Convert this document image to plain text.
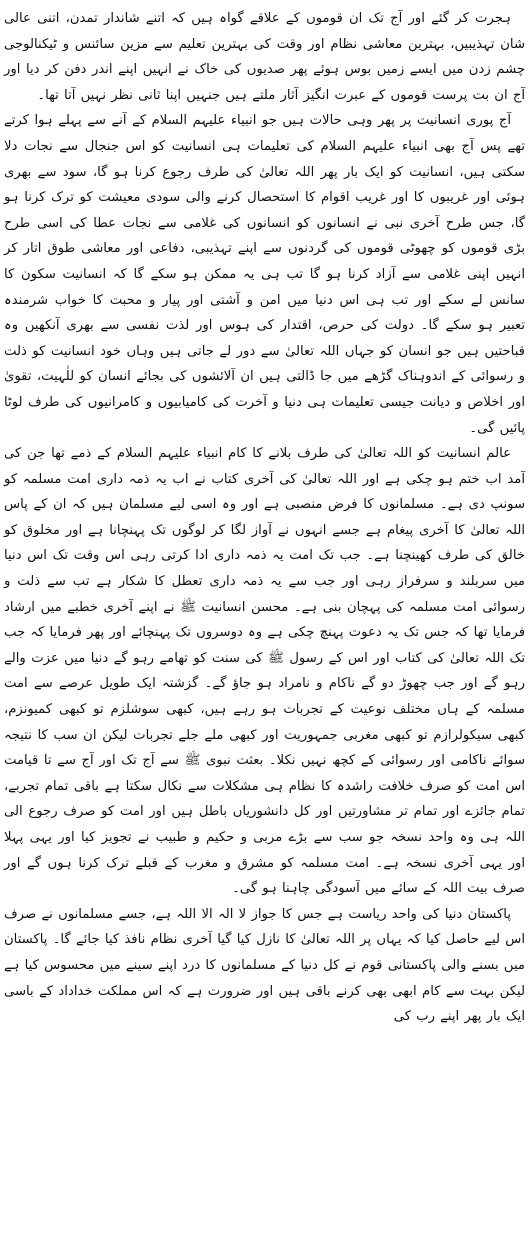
ہجرت کر گئے اور آج تک ان قوموں کے علاقے گواہ ہیں کہ اتنے شاندار تمدن، اتنی عالی شان تہذیبیں، بہترین معاشی نظام اور وقت کی بہترین تعلیم سے مزین سائنس و ٹیکنالوجی چشم زدن میں ایسے زمیں بوس ہوئے پھر صدیوں کی خاک نے انہیں اپنے اندر دفن کر دیا اور آج ان بت پرست قوموں کے عبرت انگیز آثار ملتے ہیں جنہیں اپنا ثانی نظر نہیں آتا تھا۔

آج پوری انسانیت پر پھر وہی حالات ہیں جو انبیاء علیہم السلام کے آنے سے پہلے ہوا کرتے تھے پس آج بھی انبیاء علیہم السلام کی تعلیمات ہی انسانیت کو اس جنجال سے نجات دلا سکتی ہیں، انسانیت کو ایک بار پھر اللہ تعالیٰ کی طرف رجوع کرنا ہو گا، سود سے بھری ہوئی اور غریبوں کا اور غریب اقوام کا استحصال کرنے والی سودی معیشت کو ترک کرنا ہو گا، جس طرح آخری نبی نے انسانوں کو انسانوں کی غلامی سے نجات عطا کی اسی طرح بڑی قوموں کو چھوٹی قوموں کی گردنوں سے اپنے تہذیبی، دفاعی اور معاشی طوق اتار کر انہیں اپنی غلامی سے آزاد کرنا ہو گا تب ہی یہ ممکن ہو سکے گا کہ انسانیت سکون کا سانس لے سکے اور تب ہی اس دنیا میں امن و آشتی اور پیار و محبت کا خواب شرمندہ تعبیر ہو سکے گا۔ دولت کی حرص، اقتدار کی ہوس اور لذت نفسی سے بھری آنکھیں وہ قباحتیں ہیں جو انسان کو جہاں اللہ تعالیٰ سے دور لے جاتی ہیں وہاں خود انسانیت کو ذلت و رسوائی کے اندوہناک گڑھے میں جا ڈالتی ہیں ان آلائشوں کی بجائے انسان کو للٰہیت، تقویٰ اور اخلاص و دیانت جیسی تعلیمات ہی دنیا و آخرت کی کامیابیوں و کامرانیوں کی طرف لوٹا پائیں گی۔

عالم انسانیت کو اللہ تعالیٰ کی طرف بلانے کا کام انبیاء علیہم السلام کے ذمے تھا جن کی آمد اب ختم ہو چکی ہے اور اللہ تعالیٰ کی آخری کتاب نے اب یہ ذمہ داری امت مسلمہ کو سونپ دی ہے۔ مسلمانوں کا فرض منصبی ہے اور وہ اسی لیے مسلمان ہیں کہ ان کے پاس اللہ تعالیٰ کا آخری پیغام ہے جسے انہوں نے آواز لگا کر لوگوں تک پہنچانا ہے اور مخلوق کو خالق کی طرف کھینچنا ہے۔ جب تک امت یہ ذمہ داری ادا کرتی رہی اس وقت تک اس دنیا میں سربلند و سرفراز رہی اور جب سے یہ ذمہ داری تعطل کا شکار ہے تب سے ذلت و رسوائی امت مسلمہ کی پہچان بنی ہے۔ محسن انسانیت ﷺ نے اپنے آخری خطبے میں ارشاد فرمایا تھا کہ جس تک یہ دعوت پہنچ چکی ہے وہ دوسروں تک پہنچائے اور پھر فرمایا کہ جب تک اللہ تعالیٰ کی کتاب اور اس کے رسول ﷺ کی سنت کو تھامے رہو گے دنیا میں عزت والے رہو گے اور جب چھوڑ دو گے ناکام و نامراد ہو جاؤ گے۔ گزشتہ ایک طویل عرصے سے امت مسلمہ کے ہاں مختلف نوعیت کے تجربات ہو رہے ہیں، کبھی سوشلزم تو کبھی کمیونزم، کبھی سیکولرازم تو کبھی مغربی جمہوریت اور کبھی ملے جلے تجربات لیکن ان سب کا نتیجہ سوائے ناکامی اور رسوائی کے کچھ نہیں نکلا۔ بعثت نبوی ﷺ سے آج تک اور آج سے تا قیامت اس امت کو صرف خلافت راشدہ کا نظام ہی مشکلات سے نکال سکتا ہے باقی تمام تجربے، تمام جائزے اور تمام تر مشاورتیں اور کل دانشوریاں باطل ہیں اور امت کو صرف رجوع الی اللہ ہی وہ واحد نسخہ جو سب سے بڑے مربی و حکیم و طبیب نے تجویز کیا اور یہی پہلا اور یہی آخری نسخہ ہے۔ امت مسلمہ کو مشرق و مغرب کے قبلے ترک کرنا ہوں گے اور صرف بیت اللہ کے سائے میں آسودگی چاہنا ہو گی۔

پاکستان دنیا کی واحد ریاست ہے جس کا جواز لا الہ الا اللہ ہے، جسے مسلمانوں نے صرف اس لیے حاصل کیا کہ یہاں پر اللہ تعالیٰ کا نازل کیا گیا آخری نظام نافذ کیا جائے گا۔ پاکستان میں بسنے والی پاکستانی قوم نے کل دنیا کے مسلمانوں کا درد اپنے سینے میں محسوس کیا ہے لیکن بہت سے کام ابھی بھی کرنے باقی ہیں اور ضرورت ہے کہ اس مملکت خداداد کے باسی ایک بار پھر اپنے رب کی
